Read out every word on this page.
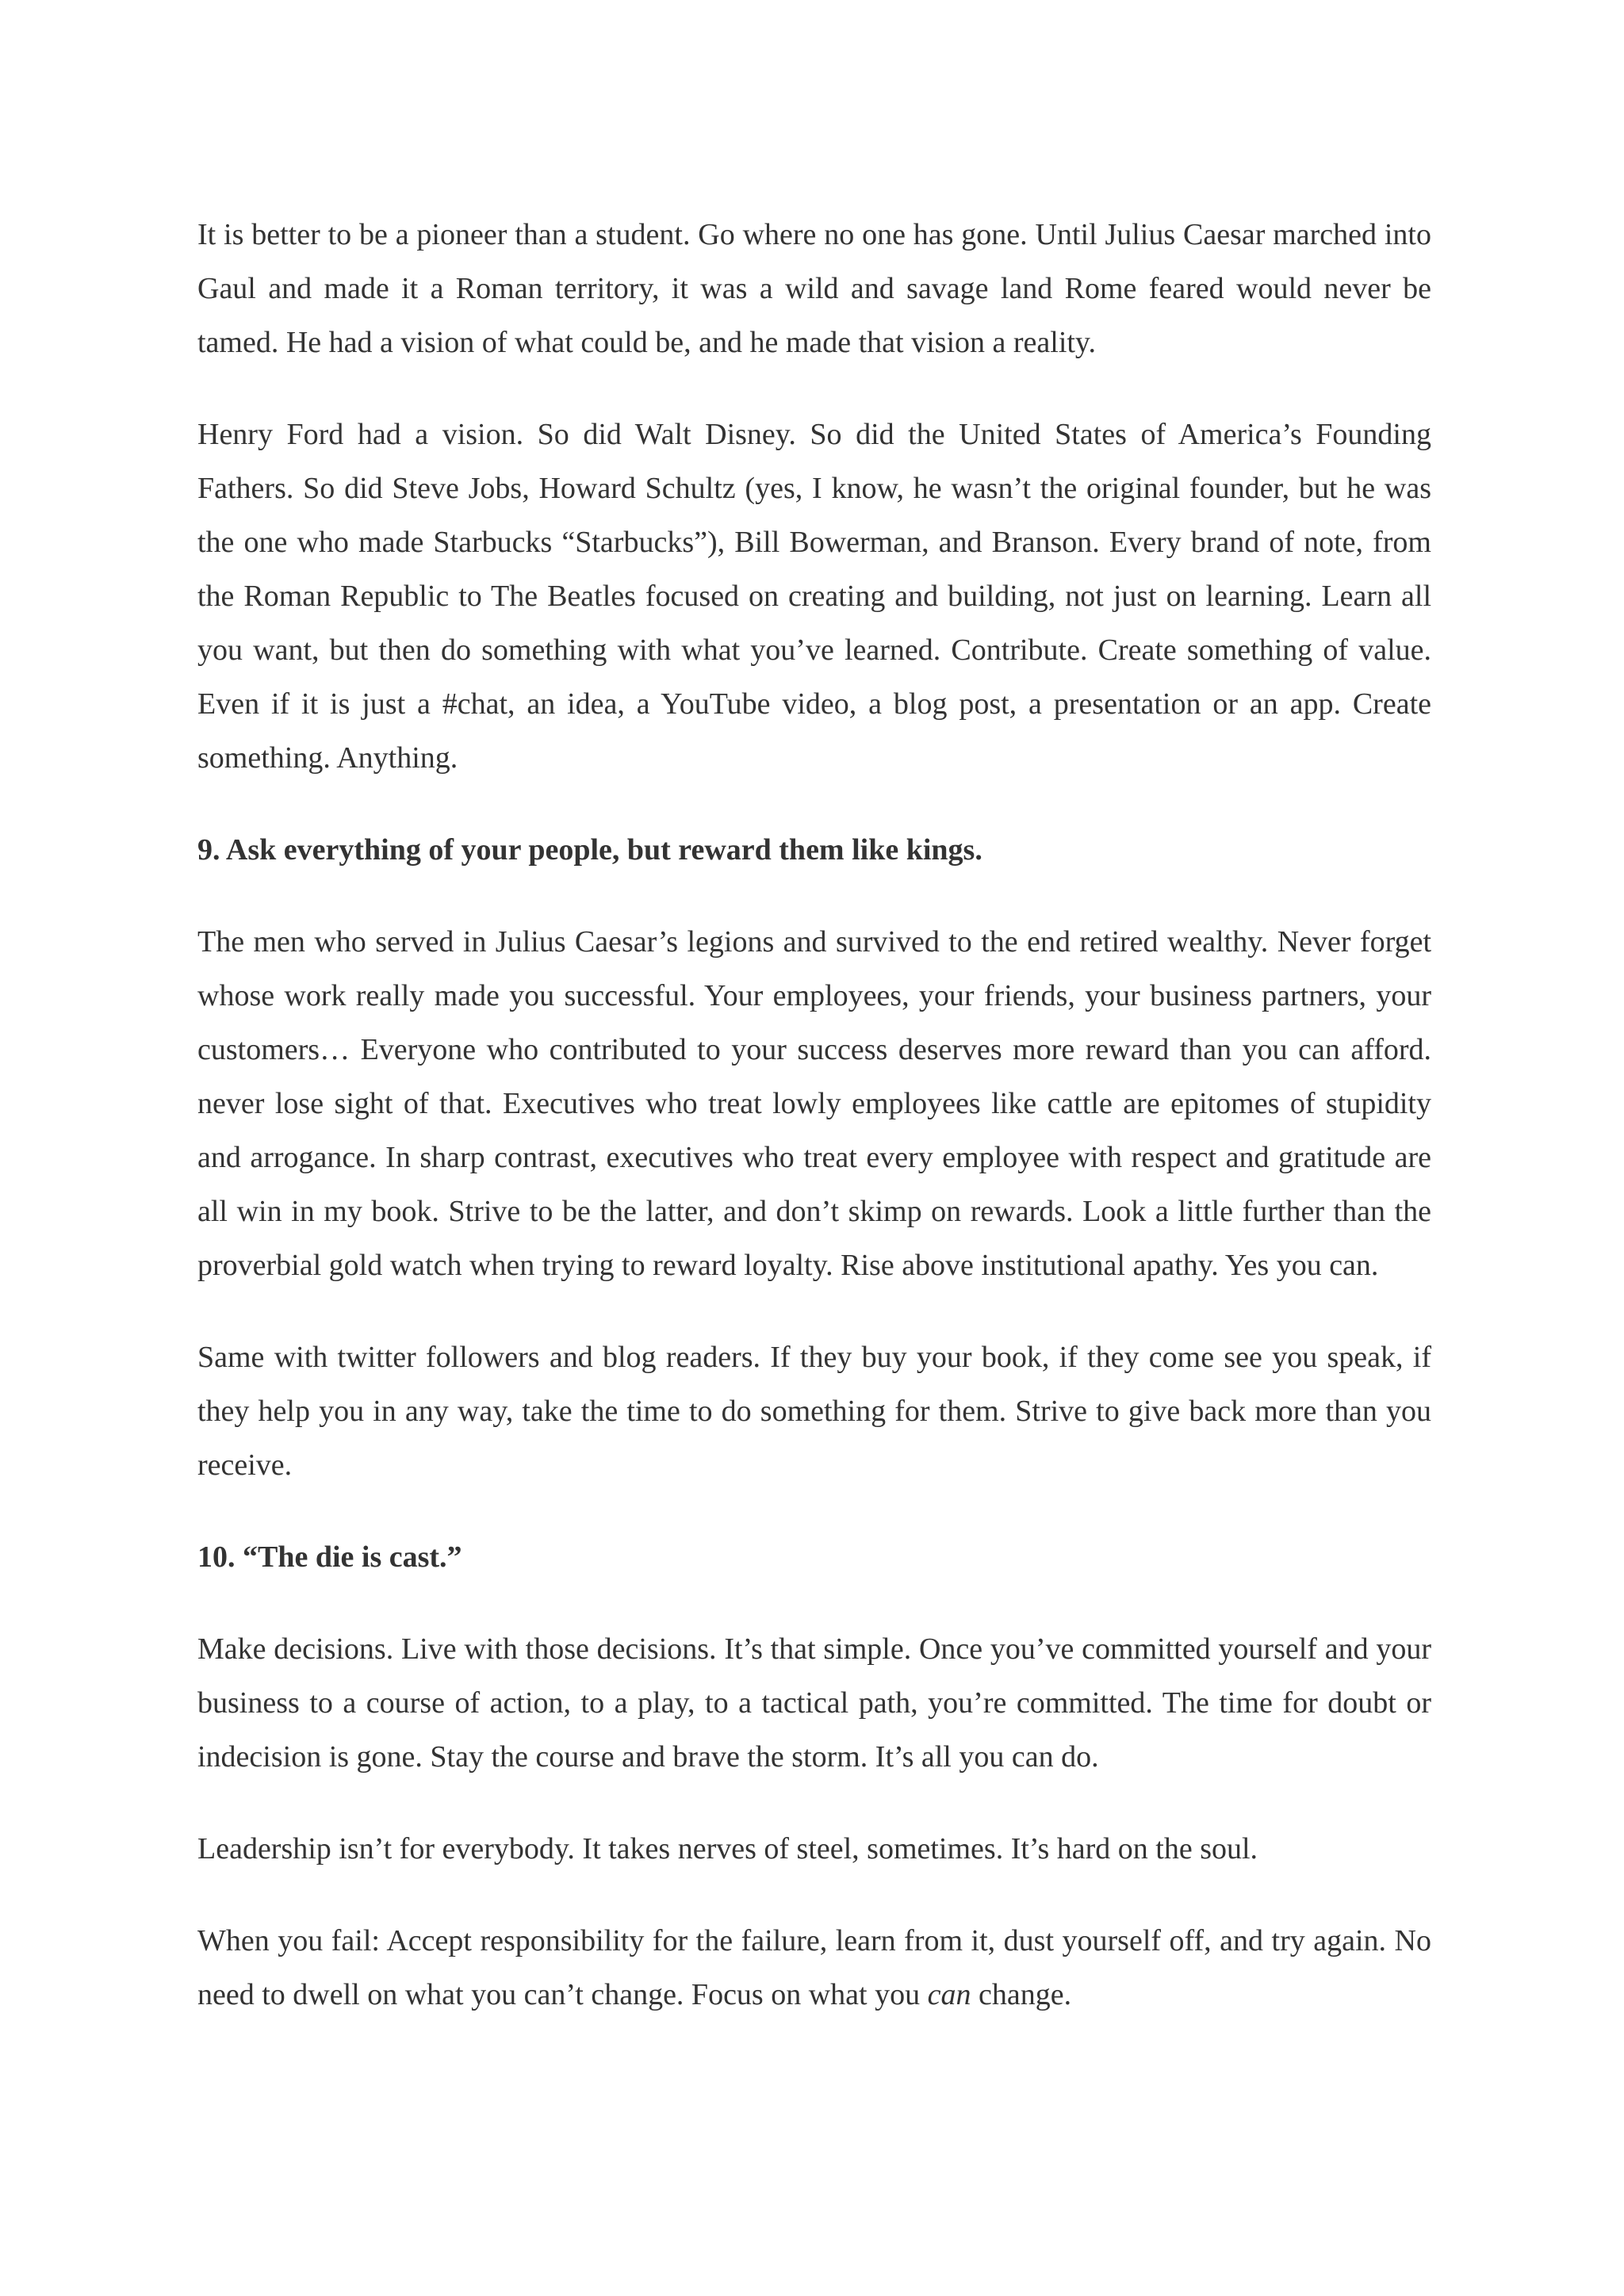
It is better to be a pioneer than a student. Go where no one has gone. Until Julius Caesar marched into Gaul and made it a Roman territory, it was a wild and savage land Rome feared would never be tamed. He had a vision of what could be, and he made that vision a reality.

Henry Ford had a vision. So did Walt Disney. So did the United States of America’s Founding Fathers. So did Steve Jobs, Howard Schultz (yes, I know, he wasn’t the original founder, but he was the one who made Starbucks “Starbucks”), Bill Bowerman, and Branson. Every brand of note, from the Roman Republic to The Beatles focused on creating and building, not just on learning. Learn all you want, but then do something with what you’ve learned. Contribute. Create something of value. Even if it is just a #chat, an idea, a YouTube video, a blog post, a presentation or an app. Create something. Anything.

9. Ask everything of your people, but reward them like kings.

The men who served in Julius Caesar’s legions and survived to the end retired wealthy. Never forget whose work really made you successful. Your employees, your friends, your business partners, your customers… Everyone who contributed to your success deserves more reward than you can afford. never lose sight of that. Executives who treat lowly employees like cattle are epitomes of stupidity and arrogance. In sharp contrast, executives who treat every employee with respect and gratitude are all win in my book. Strive to be the latter, and don’t skimp on rewards. Look a little further than the proverbial gold watch when trying to reward loyalty. Rise above institutional apathy. Yes you can.

Same with twitter followers and blog readers. If they buy your book, if they come see you speak, if they help you in any way, take the time to do something for them. Strive to give back more than you receive.

10. “The die is cast.”

Make decisions. Live with those decisions. It’s that simple. Once you’ve committed yourself and your business to a course of action, to a play, to a tactical path, you’re committed. The time for doubt or indecision is gone. Stay the course and brave the storm. It’s all you can do.

Leadership isn’t for everybody. It takes nerves of steel, sometimes. It’s hard on the soul.

When you fail: Accept responsibility for the failure, learn from it, dust yourself off, and try again. No need to dwell on what you can’t change. Focus on what you can change.
